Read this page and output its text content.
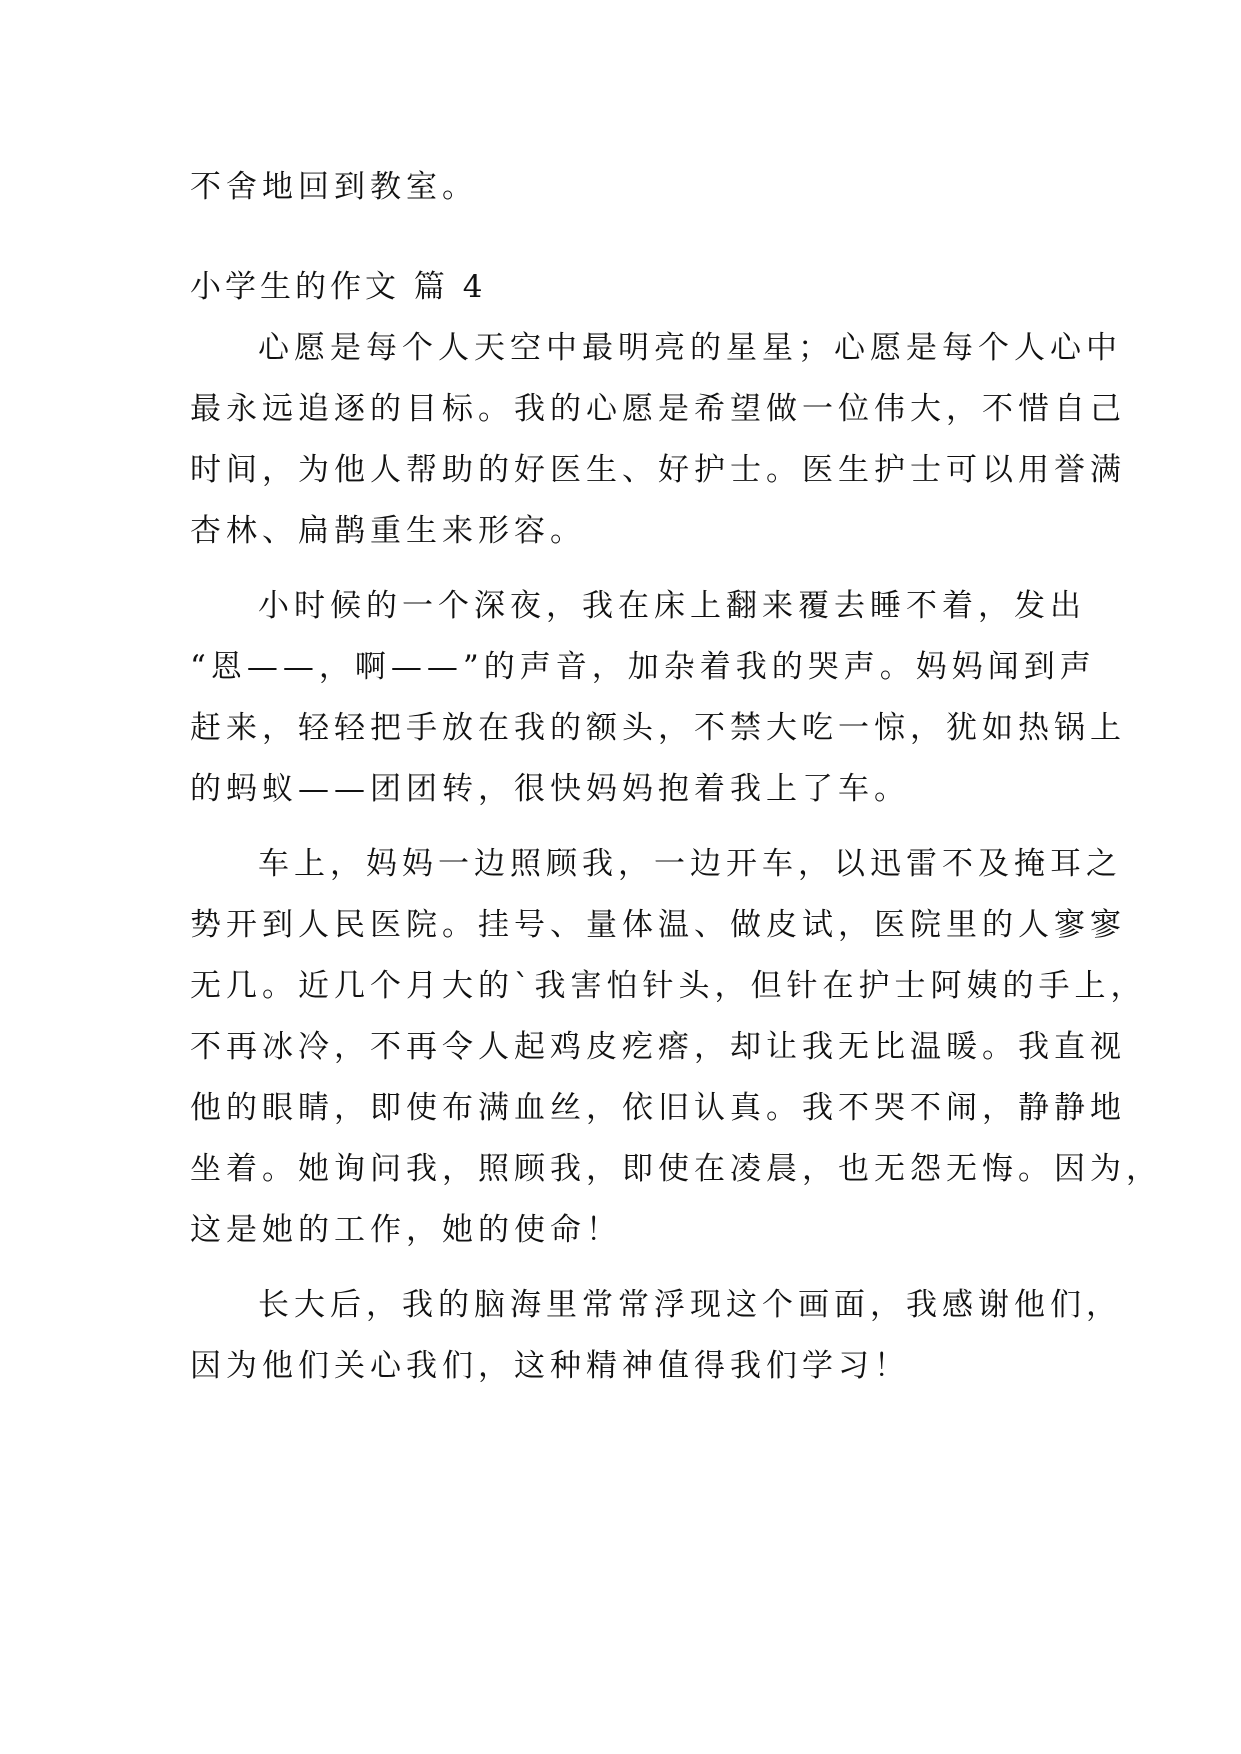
不舍地回到教室。
小学生的作文 篇 4
心愿是每个人天空中最明亮的星星；心愿是每个人心中
最永远追逐的目标。我的心愿是希望做一位伟大，不惜自己
时间，为他人帮助的好医生、好护士。医生护士可以用誉满
杏林、扁鹊重生来形容。
小时候的一个深夜，我在床上翻来覆去睡不着，发出
“恩——，啊——”的声音，加杂着我的哭声。妈妈闻到声
赶来，轻轻把手放在我的额头，不禁大吃一惊，犹如热锅上
的蚂蚁——团团转，很快妈妈抱着我上了车。
车上，妈妈一边照顾我，一边开车，以迅雷不及掩耳之
势开到人民医院。挂号、量体温、做皮试，医院里的人寥寥
无几。近几个月大的`我害怕针头，但针在护士阿姨的手上，
不再冰冷，不再令人起鸡皮疙瘩，却让我无比温暖。我直视
他的眼睛，即使布满血丝，依旧认真。我不哭不闹，静静地
坐着。她询问我，照顾我，即使在凌晨，也无怨无悔。因为，
这是她的工作，她的使命！
长大后，我的脑海里常常浮现这个画面，我感谢他们，
因为他们关心我们，这种精神值得我们学习！
